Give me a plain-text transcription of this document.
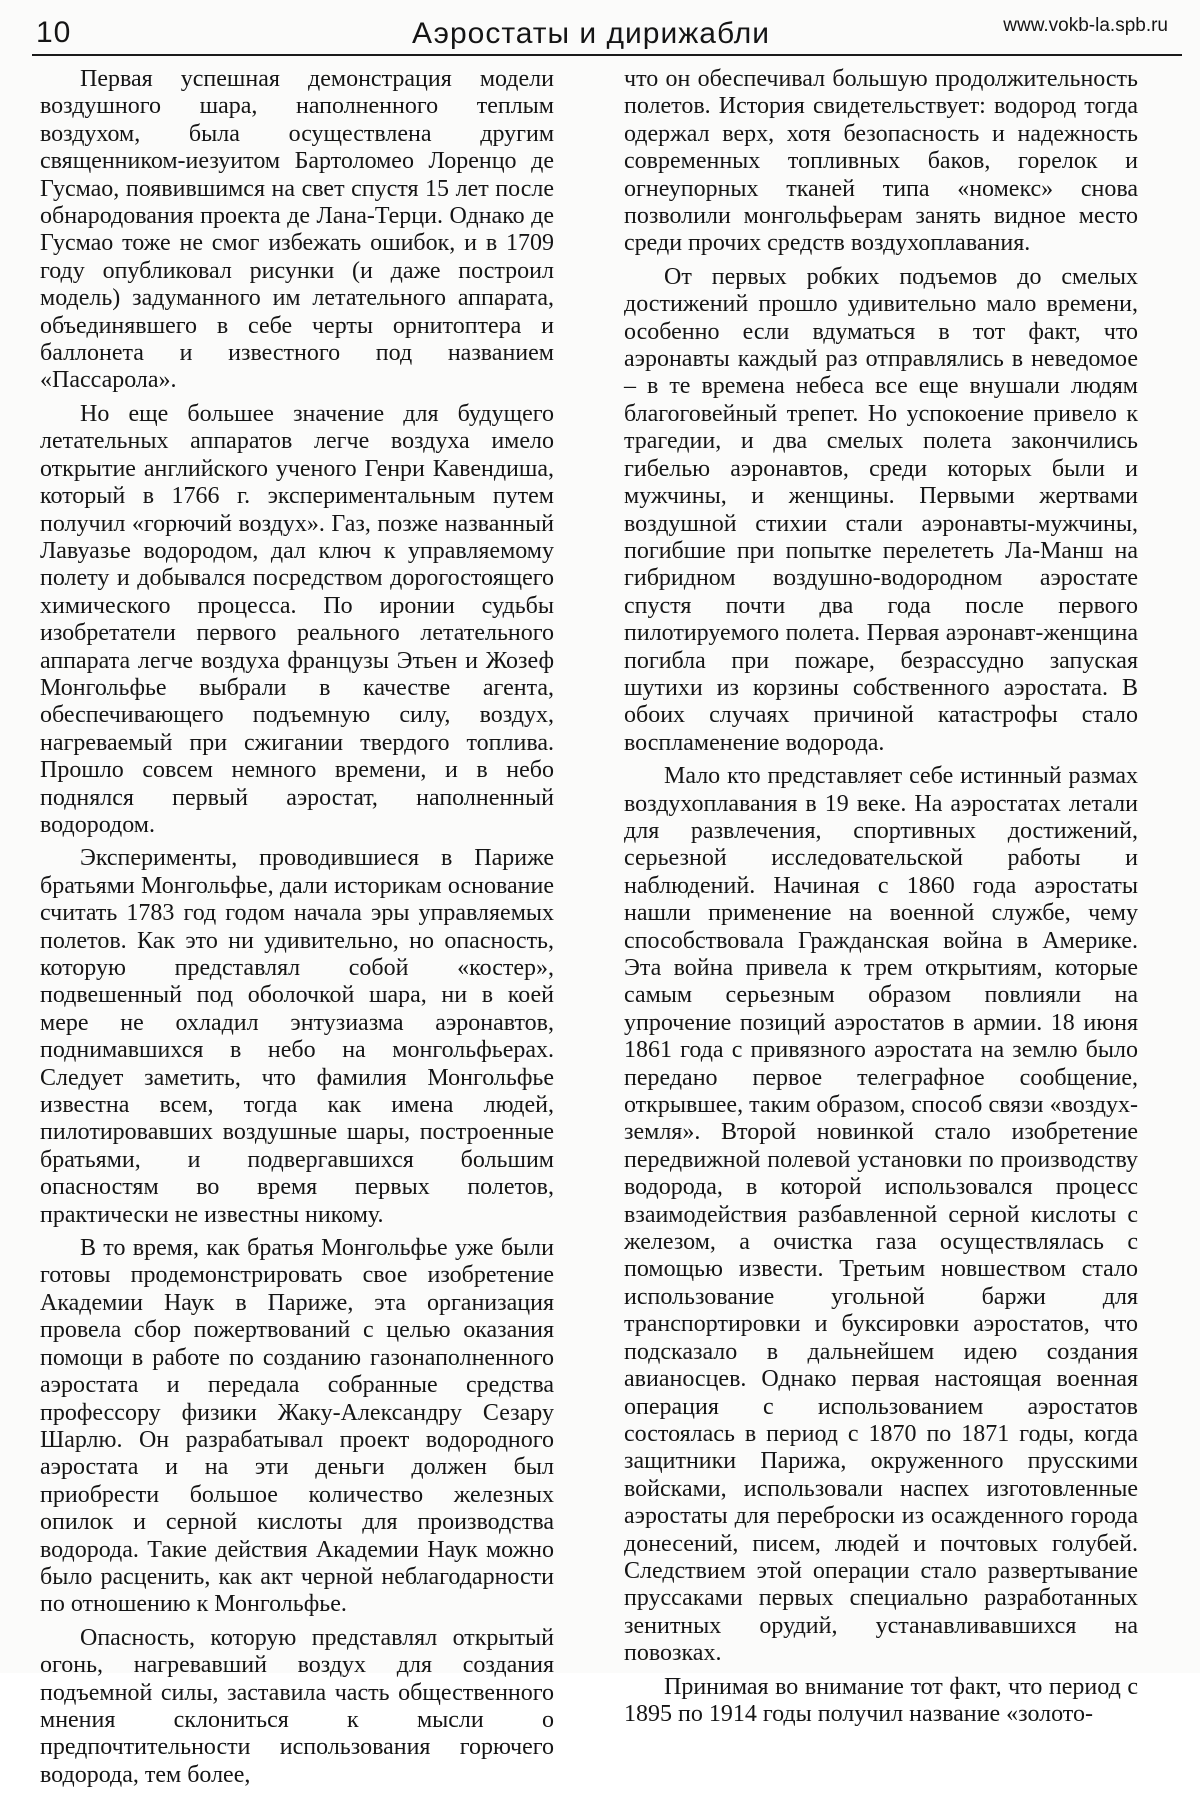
10	Аэростаты и дирижабли	www.vokb-la.spb.ru

Первая успешная демонстрация модели воздушного шара, наполненного теплым воздухом, была осуществлена другим священником-иезуитом Бартоломео Лоренцо де Гусмао, появившимся на свет спустя 15 лет после обнародования проекта де Лана-Терци. Однако де Гусмао тоже не смог избежать ошибок, и в 1709 году опубликовал рисунки (и даже построил модель) задуманного им летательного аппарата, объединявшего в себе черты орнитоптера и баллонета и известного под названием «Пассарола».

Но еще большее значение для будущего летательных аппаратов легче воздуха имело открытие английского ученого Генри Кавендиша, который в 1766 г. экспериментальным путем получил «горючий воздух». Газ, позже названный Лавуазье водородом, дал ключ к управляемому полету и добывался посредством дорогостоящего химического процесса. По иронии судьбы изобретатели первого реального летательного аппарата легче воздуха французы Этьен и Жозеф Монгольфье выбрали в качестве агента, обеспечивающего подъемную силу, воздух, нагреваемый при сжигании твердого топлива. Прошло совсем немного времени, и в небо поднялся первый аэростат, наполненный водородом.

Эксперименты, проводившиеся в Париже братьями Монгольфье, дали историкам основание считать 1783 год годом начала эры управляемых полетов. Как это ни удивительно, но опасность, которую представлял собой «костер», подвешенный под оболочкой шара, ни в коей мере не охладил энтузиазма аэронавтов, поднимавшихся в небо на монгольфьерах. Следует заметить, что фамилия Монгольфье известна всем, тогда как имена людей, пилотировавших воздушные шары, построенные братьями, и подвергавшихся большим опасностям во время первых полетов, практически не известны никому.

В то время, как братья Монгольфье уже были готовы продемонстрировать свое изобретение Академии Наук в Париже, эта организация провела сбор пожертвований с целью оказания помощи в работе по созданию газонаполненного аэростата и передала собранные средства профессору физики Жаку-Александру Сезару Шарлю. Он разрабатывал проект водородного аэростата и на эти деньги должен был приобрести большое количество железных опилок и серной кислоты для производства водорода. Такие действия Академии Наук можно было расценить, как акт черной неблагодарности по отношению к Монгольфье.

Опасность, которую представлял открытый огонь, нагревавший воздух для создания подъемной силы, заставила часть общественного мнения склониться к мысли о предпочтительности использования горючего водорода, тем более,

что он обеспечивал большую продолжительность полетов. История свидетельствует: водород тогда одержал верх, хотя безопасность и надежность современных топливных баков, горелок и огнеупорных тканей типа «номекс» снова позволили монгольфьерам занять видное место среди прочих средств воздухоплавания.

От первых робких подъемов до смелых достижений прошло удивительно мало времени, особенно если вдуматься в тот факт, что аэронавты каждый раз отправлялись в неведомое – в те времена небеса все еще внушали людям благоговейный трепет. Но успокоение привело к трагедии, и два смелых полета закончились гибелью аэронавтов, среди которых были и мужчины, и женщины. Первыми жертвами воздушной стихии стали аэронавты-мужчины, погибшие при попытке перелететь Ла-Манш на гибридном воздушно-водородном аэростате спустя почти два года после первого пилотируемого полета. Первая аэронавт-женщина погибла при пожаре, безрассудно запуская шутихи из корзины собственного аэростата. В обоих случаях причиной катастрофы стало воспламенение водорода.

Мало кто представляет себе истинный размах воздухоплавания в 19 веке. На аэростатах летали для развлечения, спортивных достижений, серьезной исследовательской работы и наблюдений. Начиная с 1860 года аэростаты нашли применение на военной службе, чему способствовала Гражданская война в Америке. Эта война привела к трем открытиям, которые самым серьезным образом повлияли на упрочение позиций аэростатов в армии. 18 июня 1861 года с привязного аэростата на землю было передано первое телеграфное сообщение, открывшее, таким образом, способ связи «воздух-земля». Второй новинкой стало изобретение передвижной полевой установки по производству водорода, в которой использовался процесс взаимодействия разбавленной серной кислоты с железом, а очистка газа осуществлялась с помощью извести. Третьим новшеством стало использование угольной баржи для транспортировки и буксировки аэростатов, что подсказало в дальнейшем идею создания авианосцев. Однако первая настоящая военная операция с использованием аэростатов состоялась в период с 1870 по 1871 годы, когда защитники Парижа, окруженного прусскими войсками, использовали наспех изготовленные аэростаты для переброски из осажденного города донесений, писем, людей и почтовых голубей. Следствием этой операции стало развертывание пруссаками первых специально разработанных зенитных орудий, устанавливавшихся на повозках.

Принимая во внимание тот факт, что период с 1895 по 1914 годы получил название «золото-
